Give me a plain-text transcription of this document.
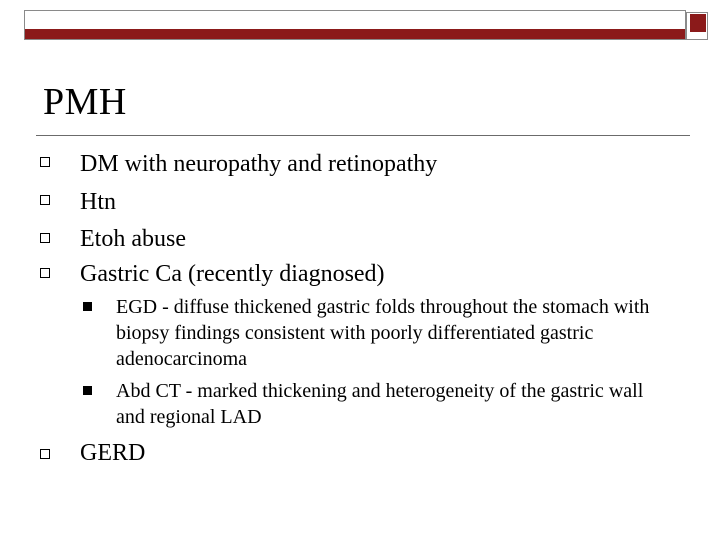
PMH
DM with neuropathy and retinopathy
Htn
Etoh abuse
Gastric Ca (recently diagnosed)
EGD - diffuse thickened gastric folds throughout the stomach with biopsy findings consistent with poorly differentiated gastric adenocarcinoma
Abd CT - marked thickening and heterogeneity of the gastric wall and regional LAD
GERD
